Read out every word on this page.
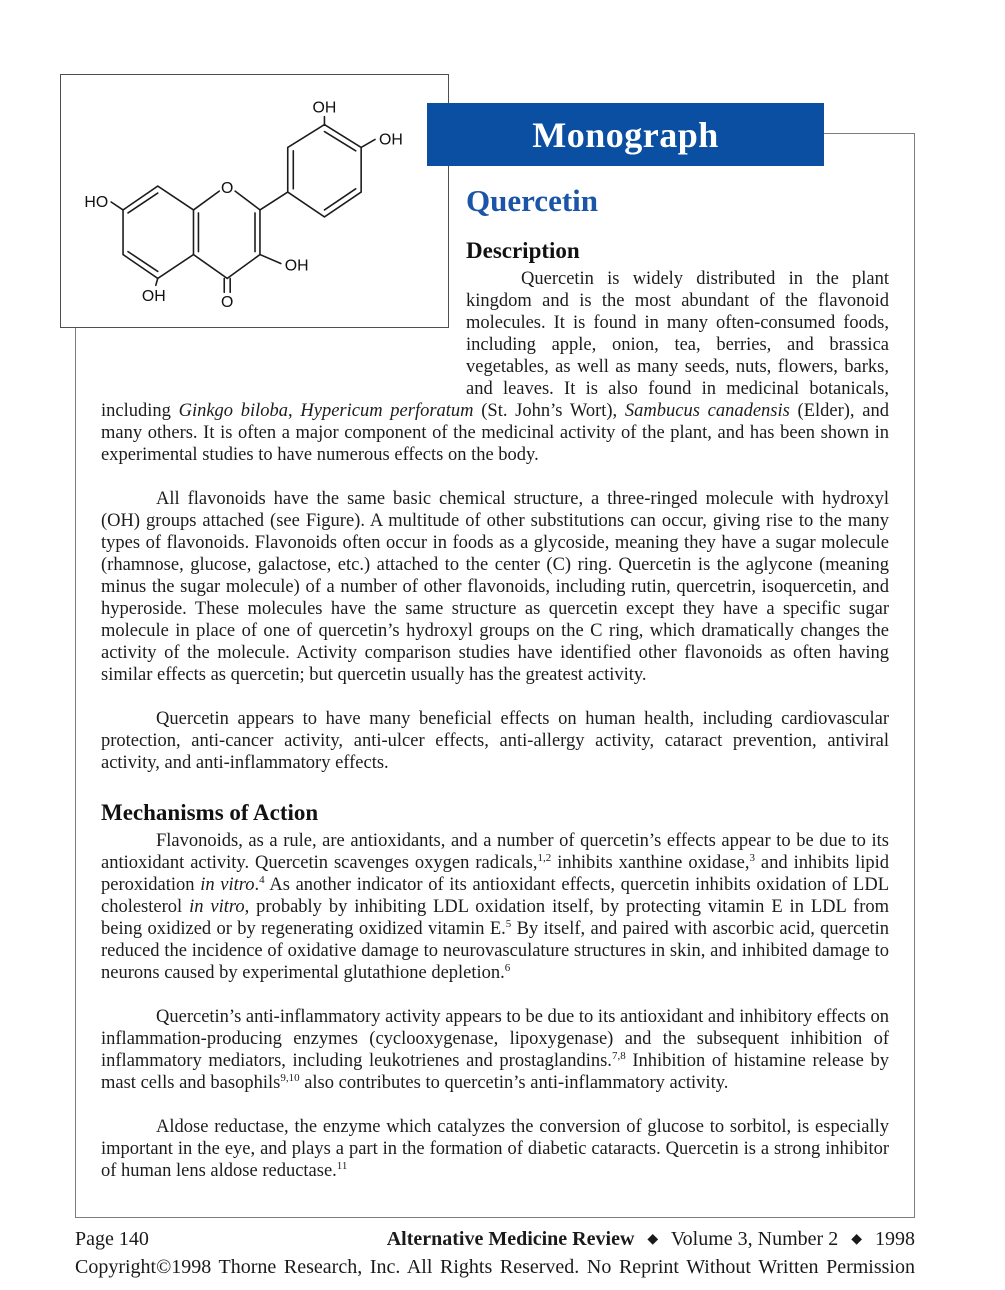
O
HO
OH	O
OH
OH
OH	Monograph
Quercetin
Description

Quercetin is widely distributed in the plant kingdom and is the most abundant of the flavonoid molecules. It is found in many often-consumed foods, including apple, onion, tea, berries, and brassica vegetables, as well as many seeds, nuts, flowers, barks, and leaves. It is also found in medicinal botanicals, including Ginkgo biloba, Hypericum perforatum (St. John’s Wort), Sambucus canadensis (Elder), and many others. It is often a major component of the medicinal activity of the plant, and has been shown in experimental studies to have numerous effects on the body.

All flavonoids have the same basic chemical structure, a three-ringed molecule with hydroxyl (OH) groups attached (see Figure). A multitude of other substitutions can occur, giving rise to the many types of flavonoids. Flavonoids often occur in foods as a glycoside, meaning they have a sugar molecule (rhamnose, glucose, galactose, etc.) attached to the center (C) ring. Quercetin is the aglycone (meaning minus the sugar molecule) of a number of other flavonoids, including rutin, quercetrin, isoquercetin, and hyperoside. These molecules have the same structure as quercetin except they have a specific sugar molecule in place of one of quercetin’s hydroxyl groups on the C ring, which dramatically changes the activity of the molecule. Activity comparison studies have identified other flavonoids as often having similar effects as quercetin; but quercetin usually has the greatest activity.

Quercetin appears to have many beneficial effects on human health, including cardiovascular protection, anti-cancer activity, anti-ulcer effects, anti-allergy activity, cataract prevention, antiviral activity, and anti-inflammatory effects.

Mechanisms of Action

Flavonoids, as a rule, are antioxidants, and a number of quercetin’s effects appear to be due to its antioxidant activity. Quercetin scavenges oxygen radicals,$^{1,2}$ inhibits xanthine oxidase,$^3$ and inhibits lipid peroxidation in vitro.$^4$ As another indicator of its antioxidant effects, quercetin inhibits oxidation of LDL cholesterol in vitro, probably by inhibiting LDL oxidation itself, by protecting vitamin E in LDL from being oxidized or by regenerating oxidized vitamin E.$^5$ By itself, and paired with ascorbic acid, quercetin reduced the incidence of oxidative damage to neurovasculature structures in skin, and inhibited damage to neurons caused by experimental glutathione depletion.$^6$

Quercetin’s anti-inflammatory activity appears to be due to its antioxidant and inhibitory effects on inflammation-producing enzymes (cyclooxygenase, lipoxygenase) and the subsequent inhibition of inflammatory mediators, including leukotrienes and prostaglandins.$^{7,8}$ Inhibition of histamine release by mast cells and basophils$^{9,10}$ also contributes to quercetin’s anti-inflammatory activity.

Aldose reductase, the enzyme which catalyzes the conversion of glucose to sorbitol, is especially important in the eye, and plays a part in the formation of diabetic cataracts. Quercetin is a strong inhibitor of human lens aldose reductase.$^{11}$

Page 140	Alternative Medicine Review ◆ Volume 3, Number 2 ◆ 1998
Copyright©1998 Thorne Research, Inc. All Rights Reserved. No Reprint Without Written Permission
